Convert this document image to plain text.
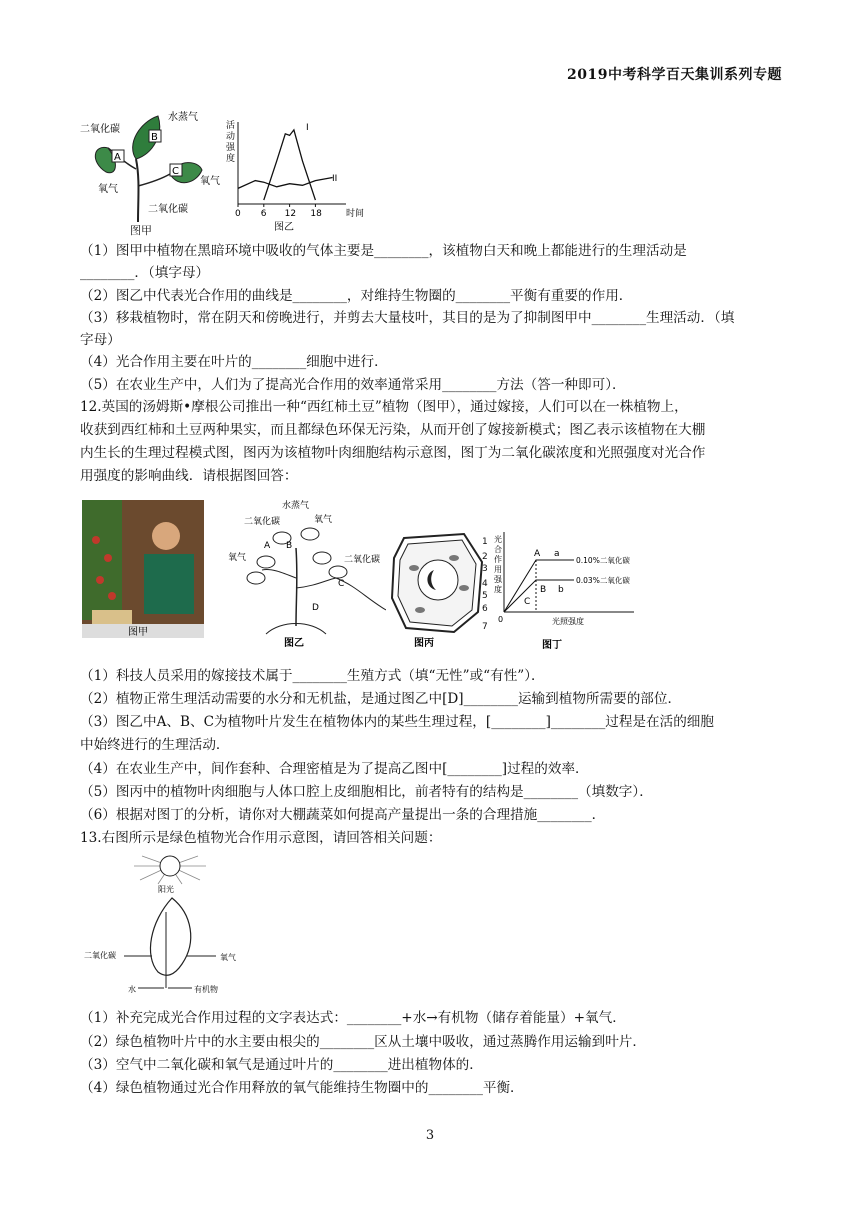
2019中考科学百天集训系列专题
A
B
C
二氧化碳
水蒸气
氧气
氧气
二氧化碳
图甲
活
动
强
度
0 6 12 18
I
II
时间
图乙
（1）图甲中植物在黑暗环境中吸收的气体主要是________，该植物白天和晚上都能进行的生理活动是
________．（填字母）
（2）图乙中代表光合作用的曲线是________，对维持生物圈的________平衡有重要的作用．
（3）移栽植物时，常在阴天和傍晚进行，并剪去大量枝叶，其目的是为了抑制图甲中________生理活动．（填
字母）
（4）光合作用主要在叶片的________细胞中进行．
（5）在农业生产中，人们为了提高光合作用的效率通常采用________方法（答一种即可）．
12.英国的汤姆斯•摩根公司推出一种“西红柿土豆”植物（图甲），通过嫁接，人们可以在一株植物上，
收获到西红柿和土豆两种果实，而且都绿色环保无污染，从而开创了嫁接新模式；图乙表示该植物在大棚
内生长的生理过程模式图，图丙为该植物叶肉细胞结构示意图，图丁为二氧化碳浓度和光照强度对光合作
用强度的影响曲线．请根据图回答：
图甲
水蒸气
二氧化碳	氧气
氧气	二氧化碳
B
A
C
D
图乙	图丙
1
2
3
4
5
6
7
光
合
作
用
强
度
A a
B b
C
0
0.10%二氧化碳
0.03%二氧化碳
光照强度
图丁
（1）科技人员采用的嫁接技术属于________生殖方式（填“无性”或“有性”）．
（2）植物正常生理活动需要的水分和无机盐，是通过图乙中[D]________运输到植物所需要的部位．
（3）图乙中A、B、C为植物叶片发生在植物体内的某些生理过程，[________]________过程是在活的细胞
中始终进行的生理活动．
（4）在农业生产中，间作套种、合理密植是为了提高乙图中[________]过程的效率．
（5）图丙中的植物叶肉细胞与人体口腔上皮细胞相比，前者特有的结构是________（填数字）．
（6）根据对图丁的分析，请你对大棚蔬菜如何提高产量提出一条的合理措施________．
13.右图所示是绿色植物光合作用示意图，请回答相关问题：
阳光
二氧化碳	氧气
水	有机物
（1）补充完成光合作用过程的文字表达式：________+水→有机物（储存着能量）+氧气．
（2）绿色植物叶片中的水主要由根尖的________区从土壤中吸收，通过蒸腾作用运输到叶片．
（3）空气中二氧化碳和氧气是通过叶片的________进出植物体的．
（4）绿色植物通过光合作用释放的氧气能维持生物圈中的________平衡．
3
